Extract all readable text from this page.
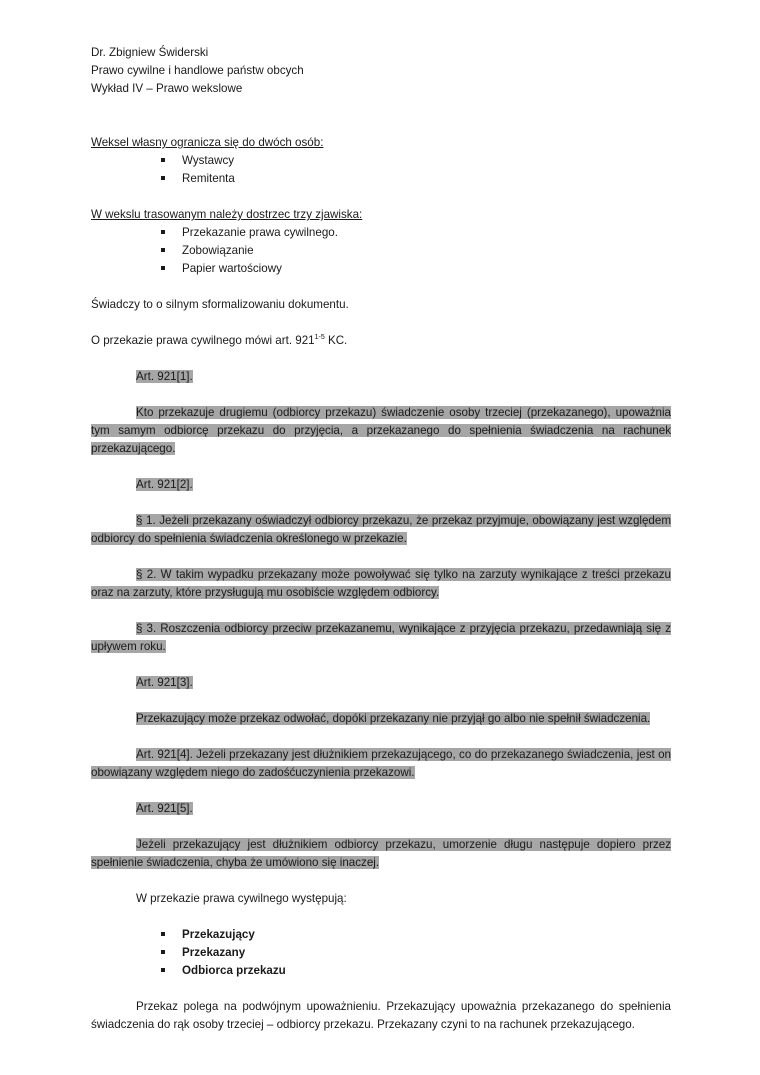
Dr. Zbigniew Świderski

Prawo cywilne i handlowe państw obcych

Wykład IV – Prawo wekslowe

Weksel własny ogranicza się do dwóch osób:

Wystawcy
Remitenta

W wekslu trasowanym należy dostrzec trzy zjawiska:

Przekazanie prawa cywilnego.
Zobowiązanie
Papier wartościowy

Świadczy to o silnym sformalizowaniu dokumentu.

O przekazie prawa cywilnego mówi art. 921$^{1-5}$ KC.

Art. 921[1].

Kto przekazuje drugiemu (odbiorcy przekazu) świadczenie osoby trzeciej (przekazanego), upoważnia tym samym odbiorcę przekazu do przyjęcia, a przekazanego do spełnienia świadczenia na rachunek przekazującego.

Art. 921[2].

§ 1. Jeżeli przekazany oświadczył odbiorcy przekazu, że przekaz przyjmuje, obowiązany jest względem odbiorcy do spełnienia świadczenia określonego w przekazie.

§ 2. W takim wypadku przekazany może powoływać się tylko na zarzuty wynikające z treści przekazu oraz na zarzuty, które przysługują mu osobiście względem odbiorcy.

§ 3. Roszczenia odbiorcy przeciw przekazanemu, wynikające z przyjęcia przekazu, przedawniają się z upływem roku.

Art. 921[3].

Przekazujący może przekaz odwołać, dopóki przekazany nie przyjął go albo nie spełnił świadczenia.

Art. 921[4]. Jeżeli przekazany jest dłużnikiem przekazującego, co do przekazanego świadczenia, jest on obowiązany względem niego do zadośćuczynienia przekazowi.

Art. 921[5].

Jeżeli przekazujący jest dłużnikiem odbiorcy przekazu, umorzenie długu następuje dopiero przez spełnienie świadczenia, chyba że umówiono się inaczej.

W przekazie prawa cywilnego występują:

Przekazujący
Przekazany
Odbiorca przekazu

Przekaz polega na podwójnym upoważnieniu. Przekazujący upoważnia przekazanego do spełnienia świadczenia do rąk osoby trzeciej – odbiorcy przekazu. Przekazany czyni to na rachunek przekazującego.
